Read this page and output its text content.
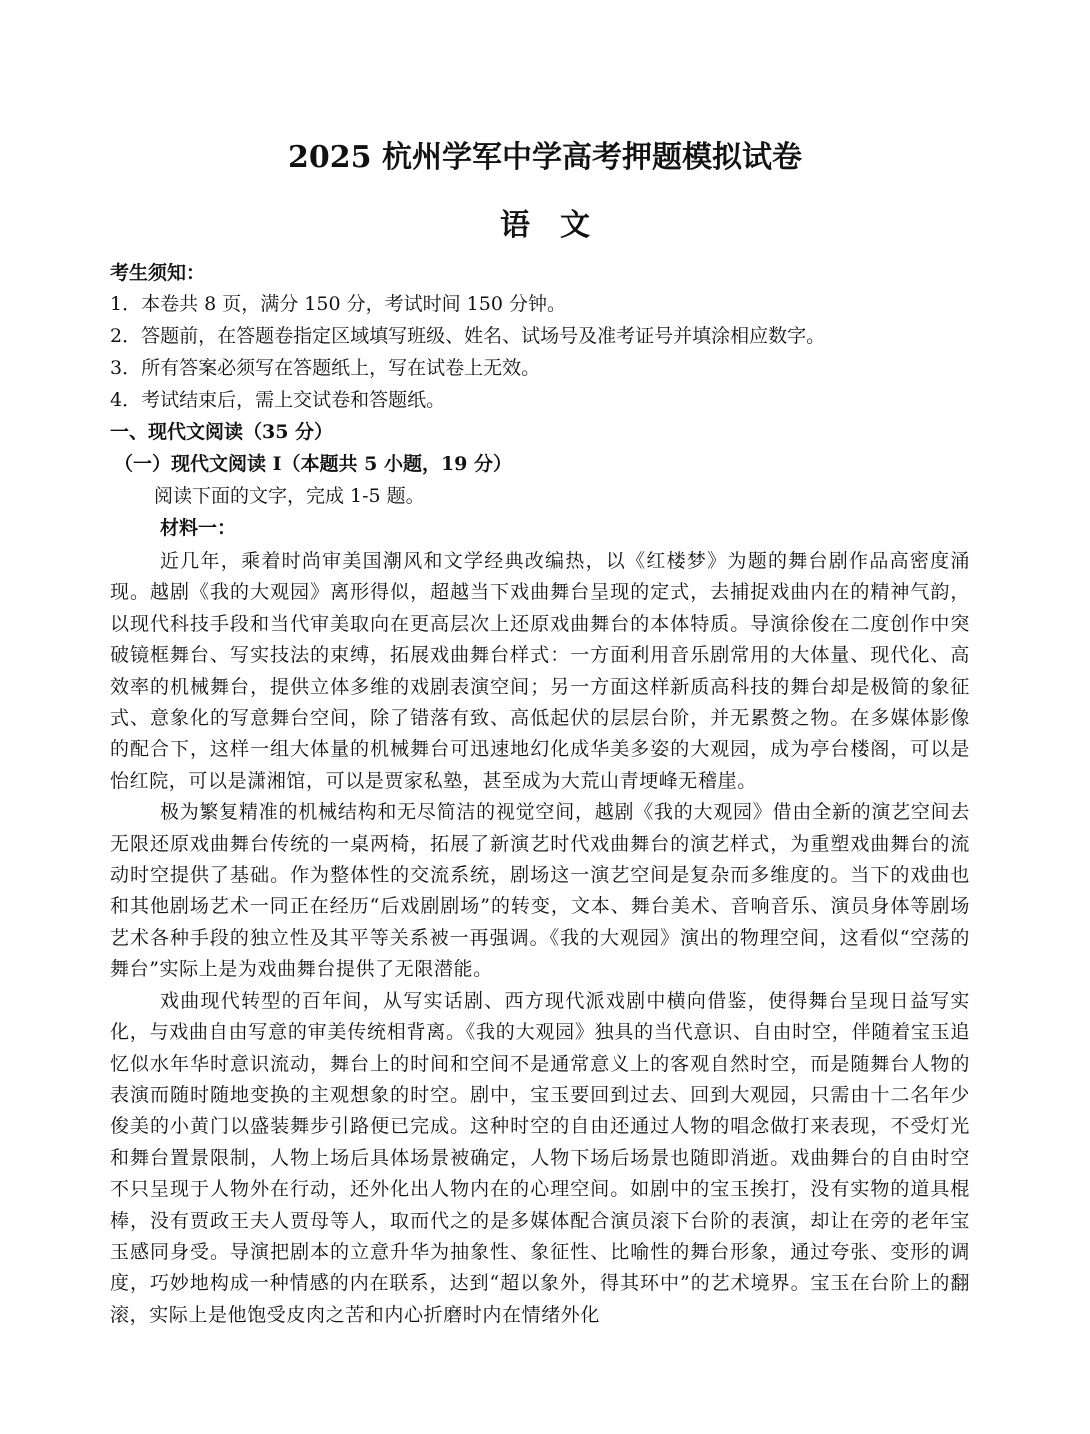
2025 杭州学军中学高考押题模拟试卷
语　文
考生须知：
1．本卷共 8 页，满分 150 分，考试时间 150 分钟。
2．答题前，在答题卷指定区域填写班级、姓名、试场号及准考证号并填涂相应数字。
3．所有答案必须写在答题纸上，写在试卷上无效。
4．考试结束后，需上交试卷和答题纸。
一、现代文阅读（35 分）
（一）现代文阅读 I（本题共 5 小题，19 分）
阅读下面的文字，完成 1-5 题。
材料一：

近几年，乘着时尚审美国潮风和文学经典改编热，以《红楼梦》为题的舞台剧作品高密度涌现。越剧《我的大观园》离形得似，超越当下戏曲舞台呈现的定式，去捕捉戏曲内在的精神气韵，以现代科技手段和当代审美取向在更高层次上还原戏曲舞台的本体特质。导演徐俊在二度创作中突破镜框舞台、写实技法的束缚，拓展戏曲舞台样式：一方面利用音乐剧常用的大体量、现代化、高效率的机械舞台，提供立体多维的戏剧表演空间；另一方面这样新质高科技的舞台却是极简的象征式、意象化的写意舞台空间，除了错落有致、高低起伏的层层台阶，并无累赘之物。在多媒体影像的配合下，这样一组大体量的机械舞台可迅速地幻化成华美多姿的大观园，成为亭台楼阁，可以是怡红院，可以是潇湘馆，可以是贾家私塾，甚至成为大荒山青埂峰无稽崖。

极为繁复精准的机械结构和无尽简洁的视觉空间，越剧《我的大观园》借由全新的演艺空间去无限还原戏曲舞台传统的一桌两椅，拓展了新演艺时代戏曲舞台的演艺样式，为重塑戏曲舞台的流动时空提供了基础。作为整体性的交流系统，剧场这一演艺空间是复杂而多维度的。当下的戏曲也和其他剧场艺术一同正在经历“后戏剧剧场”的转变，文本、舞台美术、音响音乐、演员身体等剧场艺术各种手段的独立性及其平等关系被一再强调。《我的大观园》演出的物理空间，这看似“空荡的舞台”实际上是为戏曲舞台提供了无限潜能。

戏曲现代转型的百年间，从写实话剧、西方现代派戏剧中横向借鉴，使得舞台呈现日益写实化，与戏曲自由写意的审美传统相背离。《我的大观园》独具的当代意识、自由时空，伴随着宝玉追忆似水年华时意识流动，舞台上的时间和空间不是通常意义上的客观自然时空，而是随舞台人物的表演而随时随地变换的主观想象的时空。剧中，宝玉要回到过去、回到大观园，只需由十二名年少俊美的小黄门以盛装舞步引路便已完成。这种时空的自由还通过人物的唱念做打来表现，不受灯光和舞台置景限制，人物上场后具体场景被确定，人物下场后场景也随即消逝。戏曲舞台的自由时空不只呈现于人物外在行动，还外化出人物内在的心理空间。如剧中的宝玉挨打，没有实物的道具棍棒，没有贾政王夫人贾母等人，取而代之的是多媒体配合演员滚下台阶的表演，却让在旁的老年宝玉感同身受。导演把剧本的立意升华为抽象性、象征性、比喻性的舞台形象，通过夸张、变形的调度，巧妙地构成一种情感的内在联系，达到“超以象外，得其环中”的艺术境界。宝玉在台阶上的翻滚，实际上是他饱受皮肉之苦和内心折磨时内在情绪外化
